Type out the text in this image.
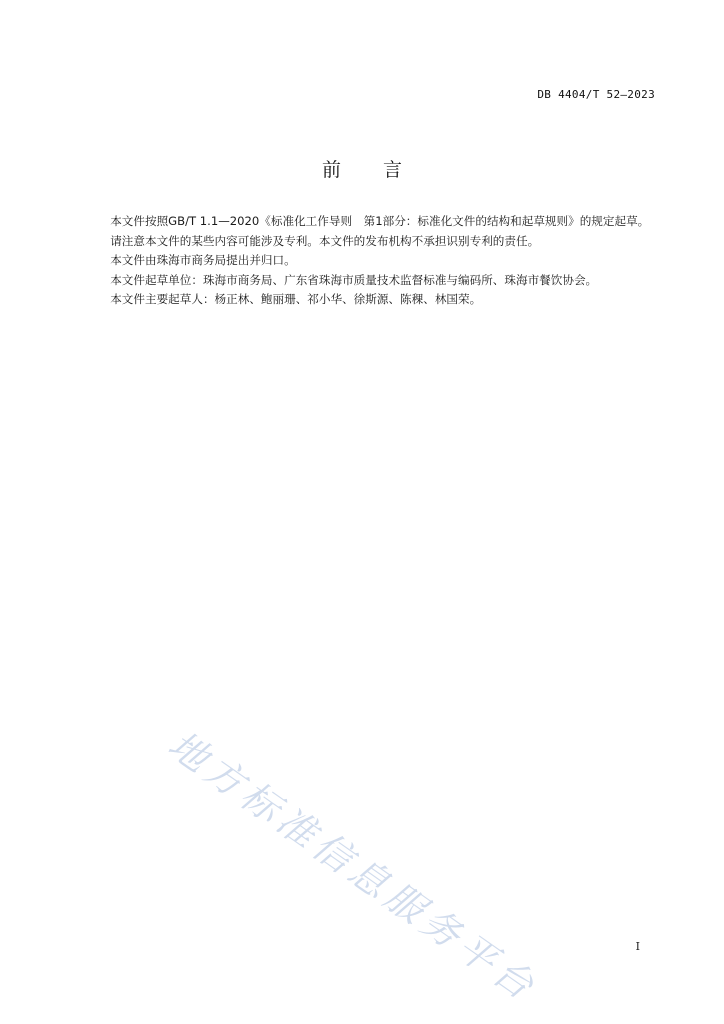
DB 4404/T 52—2023
前言

本文件按照GB/T 1.1—2020《标准化工作导则　第1部分：标准化文件的结构和起草规则》的规定起草。

请注意本文件的某些内容可能涉及专利。本文件的发布机构不承担识别专利的责任。

本文件由珠海市商务局提出并归口。

本文件起草单位：珠海市商务局、广东省珠海市质量技术监督标准与编码所、珠海市餐饮协会。

本文件主要起草人：杨正林、鲍丽珊、祁小华、徐斯源、陈稞、林国荣。

地方标准信息服务平台	I
